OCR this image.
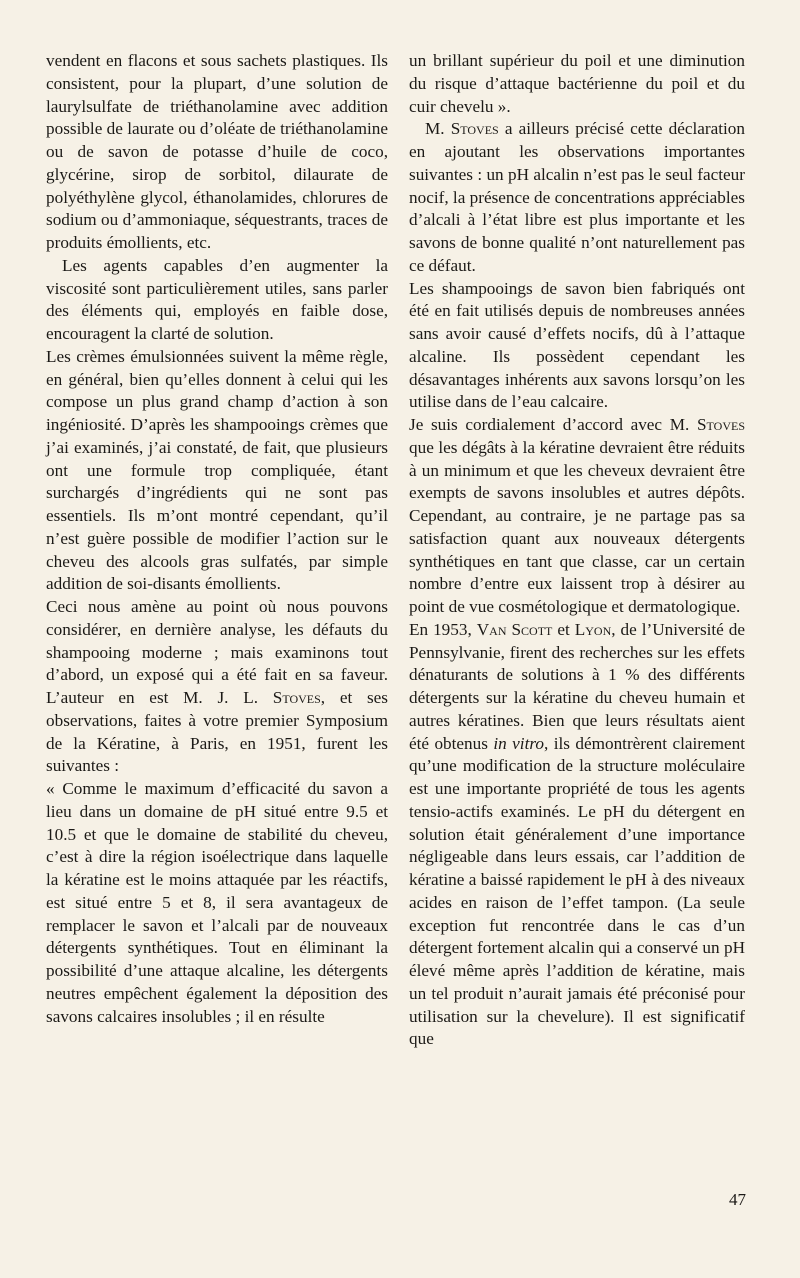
vendent en flacons et sous sachets plastiques. Ils consistent, pour la plupart, d’une solution de laurylsulfate de triéthanolamine avec addition possible de laurate ou d’oléate de triéthanolamine ou de savon de potasse d’huile de coco, glycérine, sirop de sorbitol, dilaurate de polyéthylène glycol, éthanolamides, chlorures de sodium ou d’ammoniaque, séquestrants, traces de produits émollients, etc.

Les agents capables d’en augmenter la viscosité sont particulièrement utiles, sans parler des éléments qui, employés en faible dose, encouragent la clarté de solution.

Les crèmes émulsionnées suivent la même règle, en général, bien qu’elles donnent à celui qui les compose un plus grand champ d’action à son ingéniosité. D’après les shampooings crèmes que j’ai examinés, j’ai constaté, de fait, que plusieurs ont une formule trop compliquée, étant surchargés d’ingrédients qui ne sont pas essentiels. Ils m’ont montré cependant, qu’il n’est guère possible de modifier l’action sur le cheveu des alcools gras sulfatés, par simple addition de soi-disants émollients.

Ceci nous amène au point où nous pouvons considérer, en dernière analyse, les défauts du shampooing moderne ; mais examinons tout d’abord, un exposé qui a été fait en sa faveur. L’auteur en est M. J. L. Stoves, et ses observations, faites à votre premier Symposium de la Kératine, à Paris, en 1951, furent les suivantes :

« Comme le maximum d’efficacité du savon a lieu dans un domaine de pH situé entre 9.5 et 10.5 et que le domaine de stabilité du cheveu, c’est à dire la région isoélectrique dans laquelle la kératine est le moins attaquée par les réactifs, est situé entre 5 et 8, il sera avantageux de remplacer le savon et l’alcali par de nouveaux détergents synthétiques. Tout en éliminant la possibilité d’une attaque alcaline, les détergents neutres empêchent également la déposition des savons calcaires insolubles ; il en résulte

un brillant supérieur du poil et une diminution du risque d’attaque bactérienne du poil et du cuir chevelu ».

M. Stoves a ailleurs précisé cette déclaration en ajoutant les observations importantes suivantes : un pH alcalin n’est pas le seul facteur nocif, la présence de concentrations appréciables d’alcali à l’état libre est plus importante et les savons de bonne qualité n’ont naturellement pas ce défaut.

Les shampooings de savon bien fabriqués ont été en fait utilisés depuis de nombreuses années sans avoir causé d’effets nocifs, dû à l’attaque alcaline. Ils possèdent cependant les désavantages inhérents aux savons lorsqu’on les utilise dans de l’eau calcaire.

Je suis cordialement d’accord avec M. Stoves que les dégâts à la kératine devraient être réduits à un minimum et que les cheveux devraient être exempts de savons insolubles et autres dépôts. Cependant, au contraire, je ne partage pas sa satisfaction quant aux nouveaux détergents synthétiques en tant que classe, car un certain nombre d’entre eux laissent trop à désirer au point de vue cosmétologique et dermatologique.

En 1953, Van Scott et Lyon, de l’Université de Pennsylvanie, firent des recherches sur les effets dénaturants de solutions à 1 % des différents détergents sur la kératine du cheveu humain et autres kératines. Bien que leurs résultats aient été obtenus in vitro, ils démontrèrent clairement qu’une modification de la structure moléculaire est une importante propriété de tous les agents tensio-actifs examinés. Le pH du détergent en solution était généralement d’une importance négligeable dans leurs essais, car l’addition de kératine a baissé rapidement le pH à des niveaux acides en raison de l’effet tampon. (La seule exception fut rencontrée dans le cas d’un détergent fortement alcalin qui a conservé un pH élevé même après l’addition de kératine, mais un tel produit n’aurait jamais été préconisé pour utilisation sur la chevelure). Il est significatif que

47
